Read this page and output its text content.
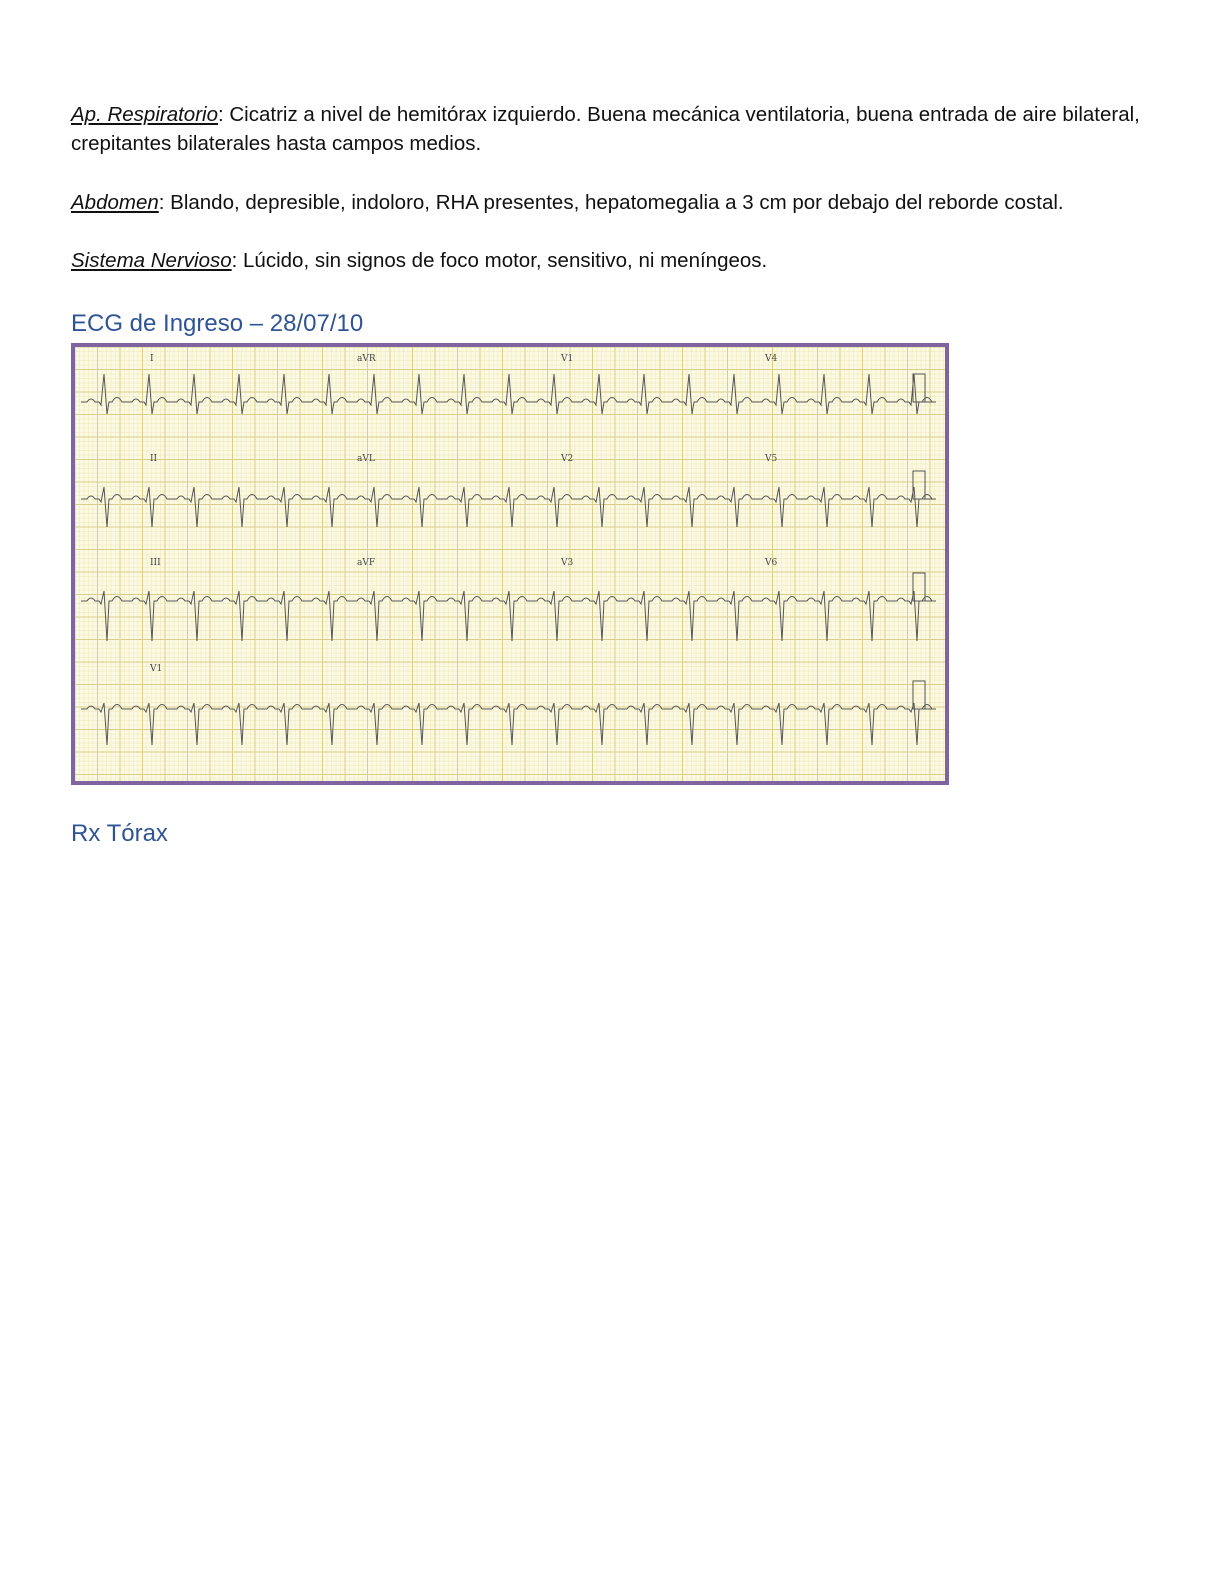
Ap. Respiratorio: Cicatriz a nivel de hemitórax izquierdo. Buena mecánica ventilatoria, buena entrada de aire bilateral, crepitantes bilaterales hasta campos medios.
Abdomen: Blando, depresible, indoloro, RHA presentes, hepatomegalia a 3 cm por debajo del reborde costal.
Sistema Nervioso: Lúcido, sin signos de foco motor, sensitivo, ni meníngeos.
ECG de Ingreso – 28/07/10
I	aVR	V1	V4
II	aVL	V2	V5
III	aVF	V3	V6
V1
Rx Tórax
